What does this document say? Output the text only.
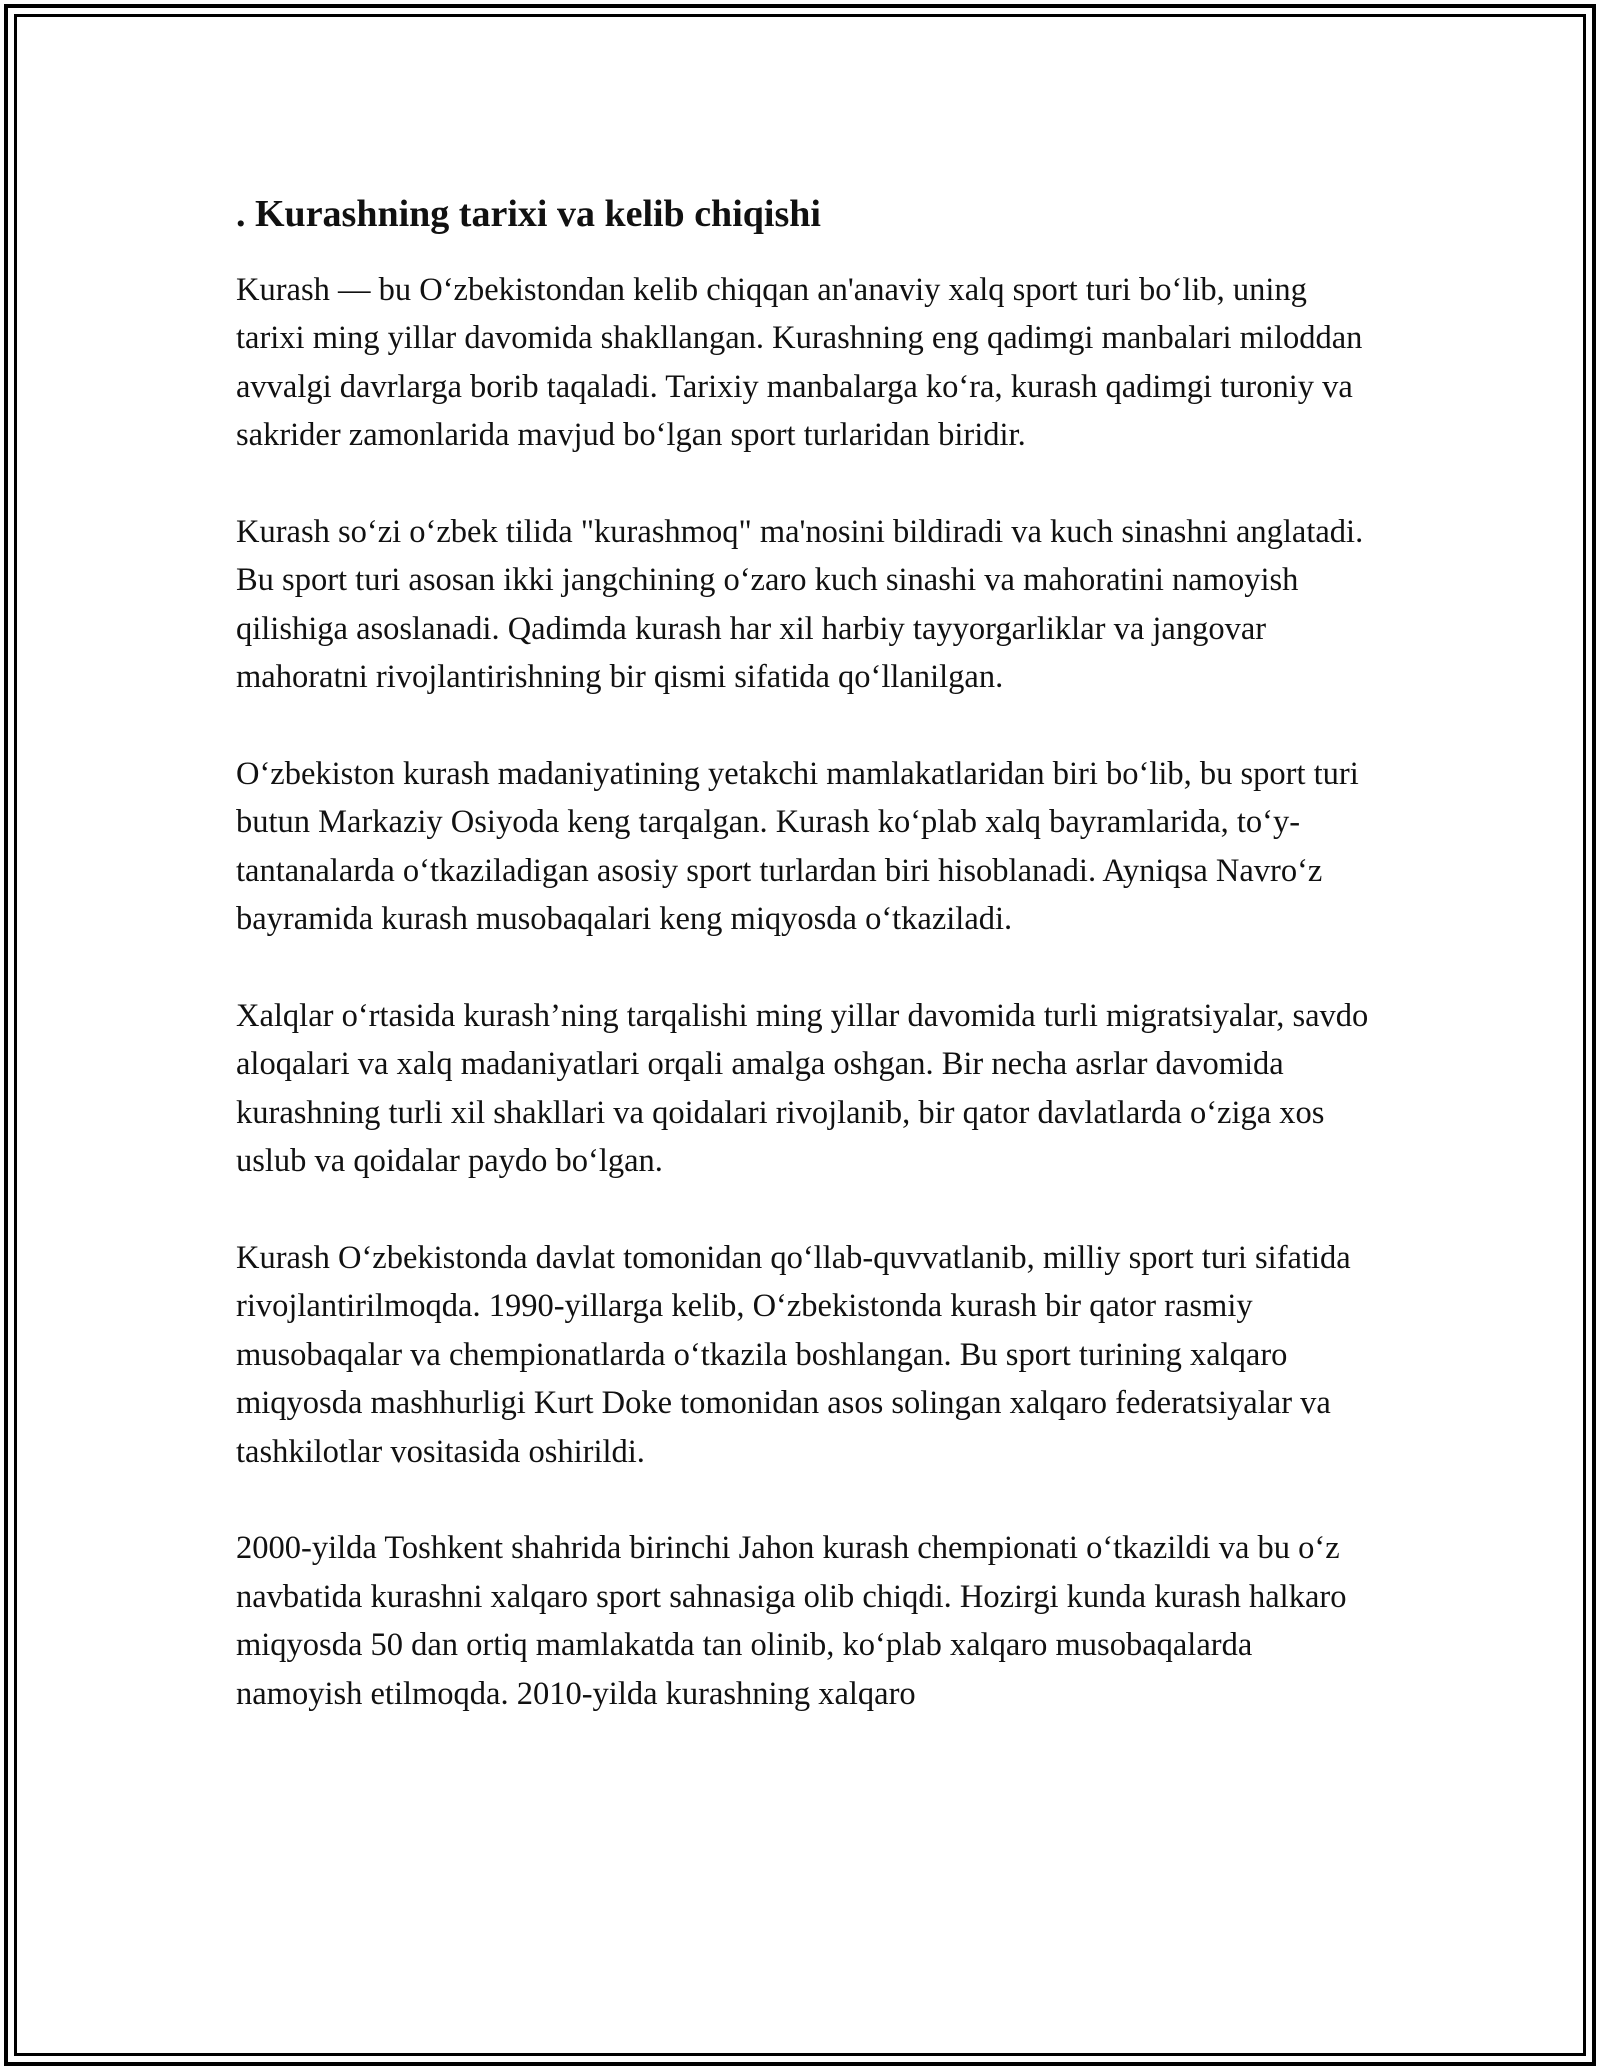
. Kurashning tarixi va kelib chiqishi

Kurash — bu O‘zbekistondan kelib chiqqan an'anaviy xalq sport turi bo‘lib, uning tarixi ming yillar davomida shakllangan. Kurashning eng qadimgi manbalari miloddan avvalgi davrlarga borib taqaladi. Tarixiy manbalarga ko‘ra, kurash qadimgi turoniy va sakrider zamonlarida mavjud bo‘lgan sport turlaridan biridir.

Kurash so‘zi o‘zbek tilida "kurashmoq" ma'nosini bildiradi va kuch sinashni anglatadi. Bu sport turi asosan ikki jangchining o‘zaro kuch sinashi va mahoratini namoyish qilishiga asoslanadi. Qadimda kurash har xil harbiy tayyorgarliklar va jangovar mahoratni rivojlantirishning bir qismi sifatida qo‘llanilgan.

O‘zbekiston kurash madaniyatining yetakchi mamlakatlaridan biri bo‘lib, bu sport turi butun Markaziy Osiyoda keng tarqalgan. Kurash ko‘plab xalq bayramlarida, to‘y-tantanalarda o‘tkaziladigan asosiy sport turlardan biri hisoblanadi. Ayniqsa Navro‘z bayramida kurash musobaqalari keng miqyosda o‘tkaziladi.

Xalqlar o‘rtasida kurash’ning tarqalishi ming yillar davomida turli migratsiyalar, savdo aloqalari va xalq madaniyatlari orqali amalga oshgan. Bir necha asrlar davomida kurashning turli xil shakllari va qoidalari rivojlanib, bir qator davlatlarda o‘ziga xos uslub va qoidalar paydo bo‘lgan.

Kurash O‘zbekistonda davlat tomonidan qo‘llab-quvvatlanib, milliy sport turi sifatida rivojlantirilmoqda. 1990-yillarga kelib, O‘zbekistonda kurash bir qator rasmiy musobaqalar va chempionatlarda o‘tkazila boshlangan. Bu sport turining xalqaro miqyosda mashhurligi Kurt Doke tomonidan asos solingan xalqaro federatsiyalar va tashkilotlar vositasida oshirildi.

2000-yilda Toshkent shahrida birinchi Jahon kurash chempionati o‘tkazildi va bu o‘z navbatida kurashni xalqaro sport sahnasiga olib chiqdi. Hozirgi kunda kurash halkaro miqyosda 50 dan ortiq mamlakatda tan olinib, ko‘plab xalqaro musobaqalarda namoyish etilmoqda. 2010-yilda kurashning xalqaro
